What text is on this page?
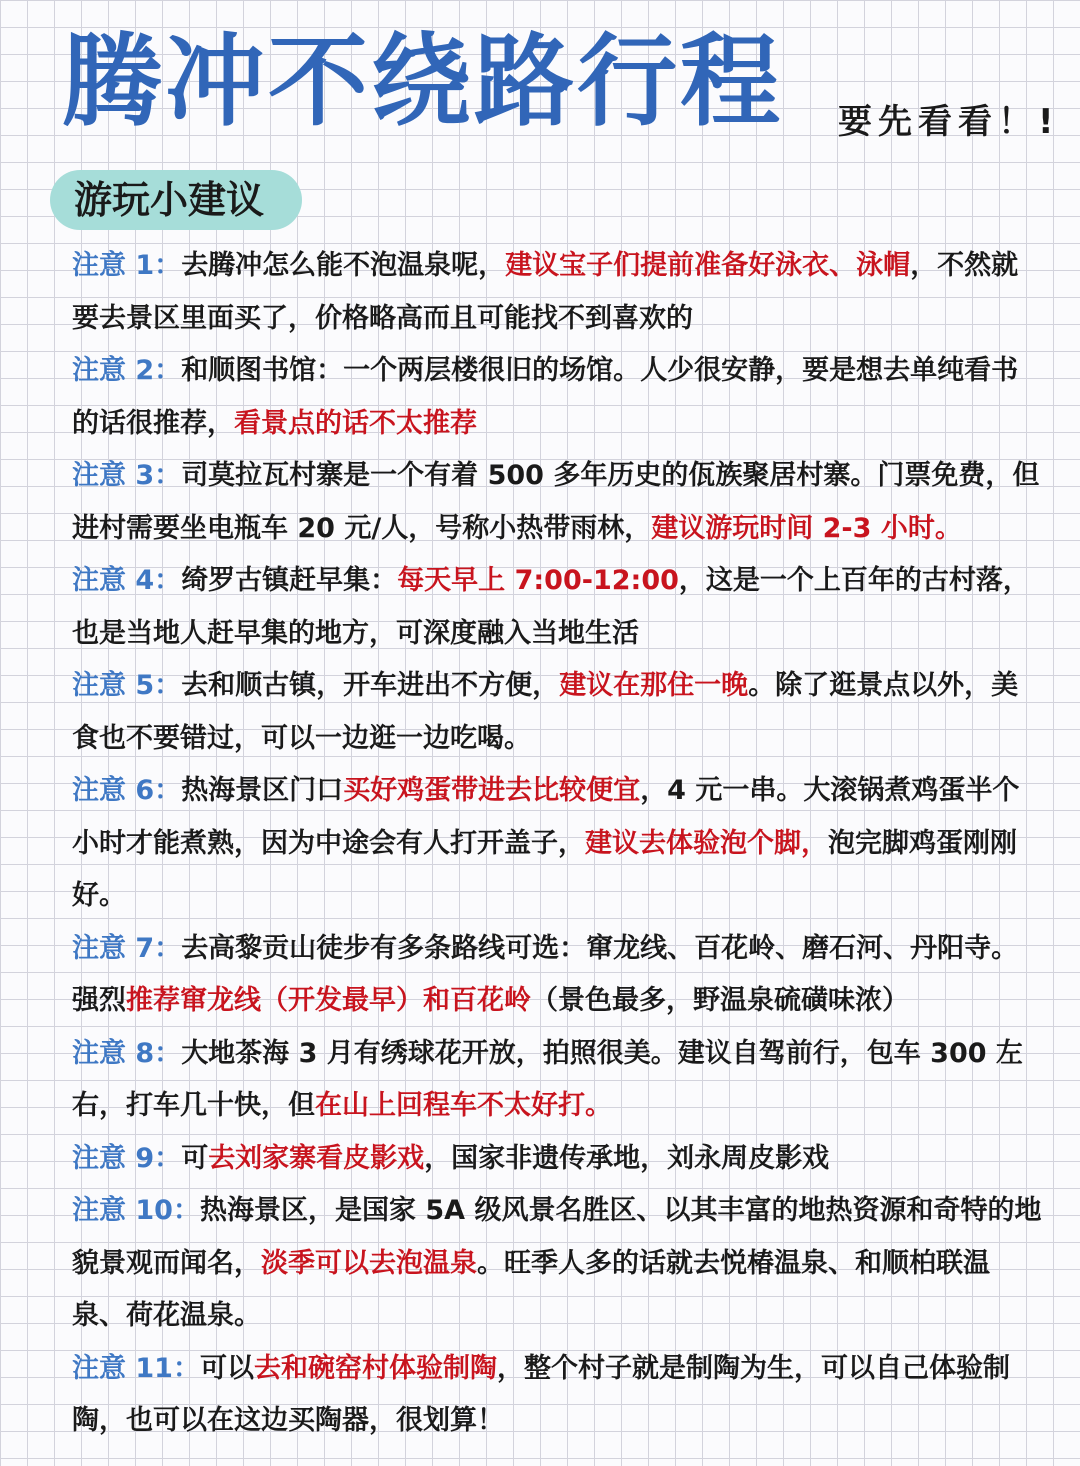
腾冲不绕路行程 要先看看！!
游玩小建议
注意 1：去腾冲怎么能不泡温泉呢，建议宝子们提前准备好泳衣、泳帽，不然就要去景区里面买了，价格略高而且可能找不到喜欢的
注意 2：和顺图书馆：一个两层楼很旧的场馆。人少很安静，要是想去单纯看书的话很推荐，看景点的话不太推荐
注意 3：司莫拉瓦村寨是一个有着 500 多年历史的佤族聚居村寨。门票免费，但进村需要坐电瓶车 20 元/人，号称小热带雨林，建议游玩时间 2-3 小时。
注意 4：绮罗古镇赶早集：每天早上 7:00-12:00，这是一个上百年的古村落，也是当地人赶早集的地方，可深度融入当地生活
注意 5：去和顺古镇，开车进出不方便，建议在那住一晚。除了逛景点以外，美食也不要错过，可以一边逛一边吃喝。
注意 6：热海景区门口买好鸡蛋带进去比较便宜，4 元一串。大滚锅煮鸡蛋半个小时才能煮熟，因为中途会有人打开盖子，建议去体验泡个脚，泡完脚鸡蛋刚刚好。
注意 7：去高黎贡山徒步有多条路线可选：窜龙线、百花岭、磨石河、丹阳寺。强烈推荐窜龙线（开发最早）和百花岭（景色最多，野温泉硫磺味浓）
注意 8：大地茶海 3 月有绣球花开放，拍照很美。建议自驾前行，包车 300 左右，打车几十快，但在山上回程车不太好打。
注意 9：可去刘家寨看皮影戏，国家非遗传承地，刘永周皮影戏
注意 10：热海景区，是国家 5A 级风景名胜区、以其丰富的地热资源和奇特的地貌景观而闻名，淡季可以去泡温泉。旺季人多的话就去悦椿温泉、和顺柏联温泉、荷花温泉。
注意 11：可以去和碗窑村体验制陶，整个村子就是制陶为生，可以自己体验制陶，也可以在这边买陶器，很划算！
